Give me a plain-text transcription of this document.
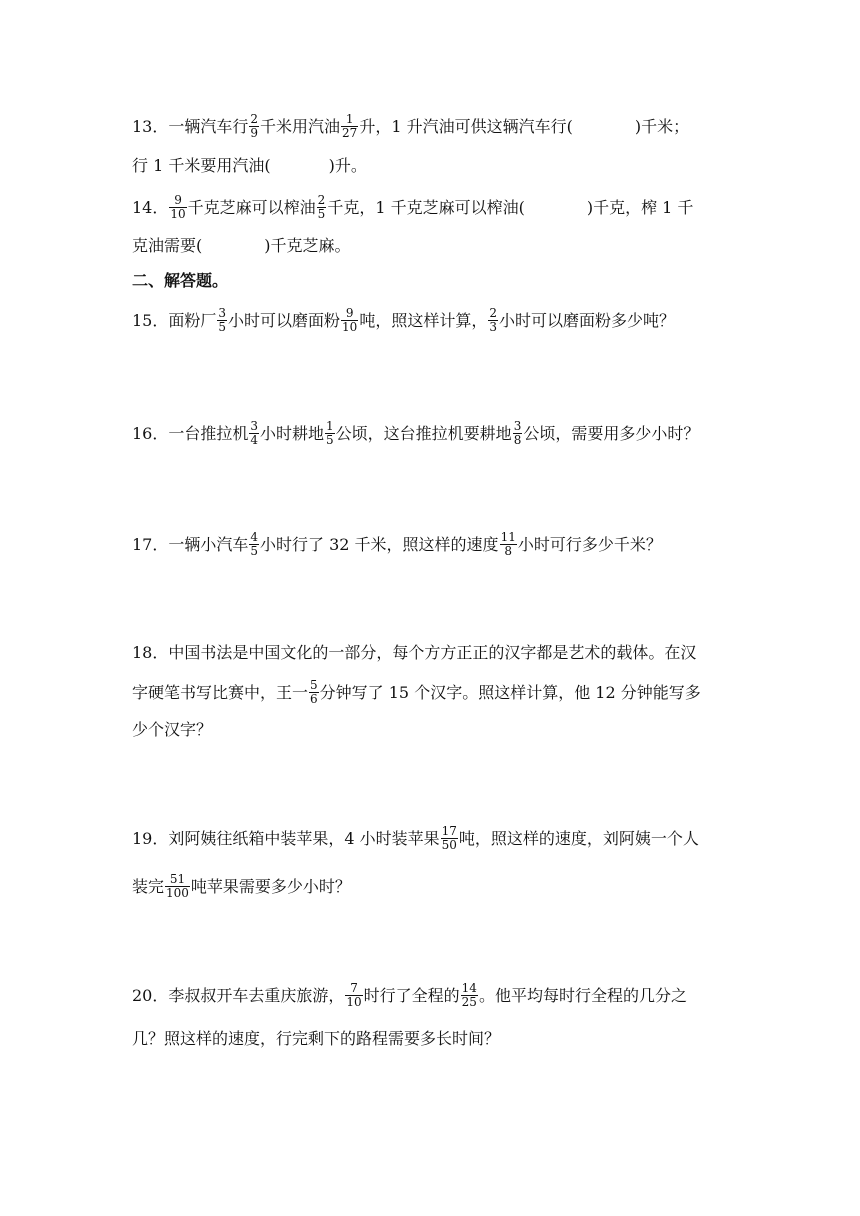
13．一辆汽车行 $\frac{2}{9}$ 千米用汽油 $\frac{1}{27}$ 升，1 升汽油可供这辆汽车行(	)千米；
行 1 千米要用汽油(	)升。
14． $\frac{9}{10}$ 千克芝麻可以榨油 $\frac{2}{5}$ 千克，1 千克芝麻可以榨油(	)千克，榨 1 千
克油需要(	)千克芝麻。
二、解答题。
15．面粉厂 $\frac{3}{5}$ 小时可以磨面粉 $\frac{9}{10}$ 吨，照这样计算， $\frac{2}{3}$ 小时可以磨面粉多少吨？
16．一台推拉机 $\frac{3}{4}$ 小时耕地 $\frac{1}{5}$ 公顷，这台推拉机要耕地 $\frac{3}{8}$ 公顷，需要用多少小时？
17．一辆小汽车 $\frac{4}{5}$ 小时行了 32 千米，照这样的速度 $\frac{11}{8}$ 小时可行多少千米？
18．中国书法是中国文化的一部分，每个方方正正的汉字都是艺术的载体。在汉
字硬笔书写比赛中，王一 $\frac{5}{6}$ 分钟写了 15 个汉字。照这样计算，他 12 分钟能写多
少个汉字？
19．刘阿姨往纸箱中装苹果，4 小时装苹果 $\frac{17}{50}$ 吨，照这样的速度，刘阿姨一个人
装完 $\frac{51}{100}$ 吨苹果需要多少小时？
20．李叔叔开车去重庆旅游， $\frac{7}{10}$ 时行了全程的 $\frac{14}{25}$ 。他平均每时行全程的几分之
几？照这样的速度，行完剩下的路程需要多长时间？
